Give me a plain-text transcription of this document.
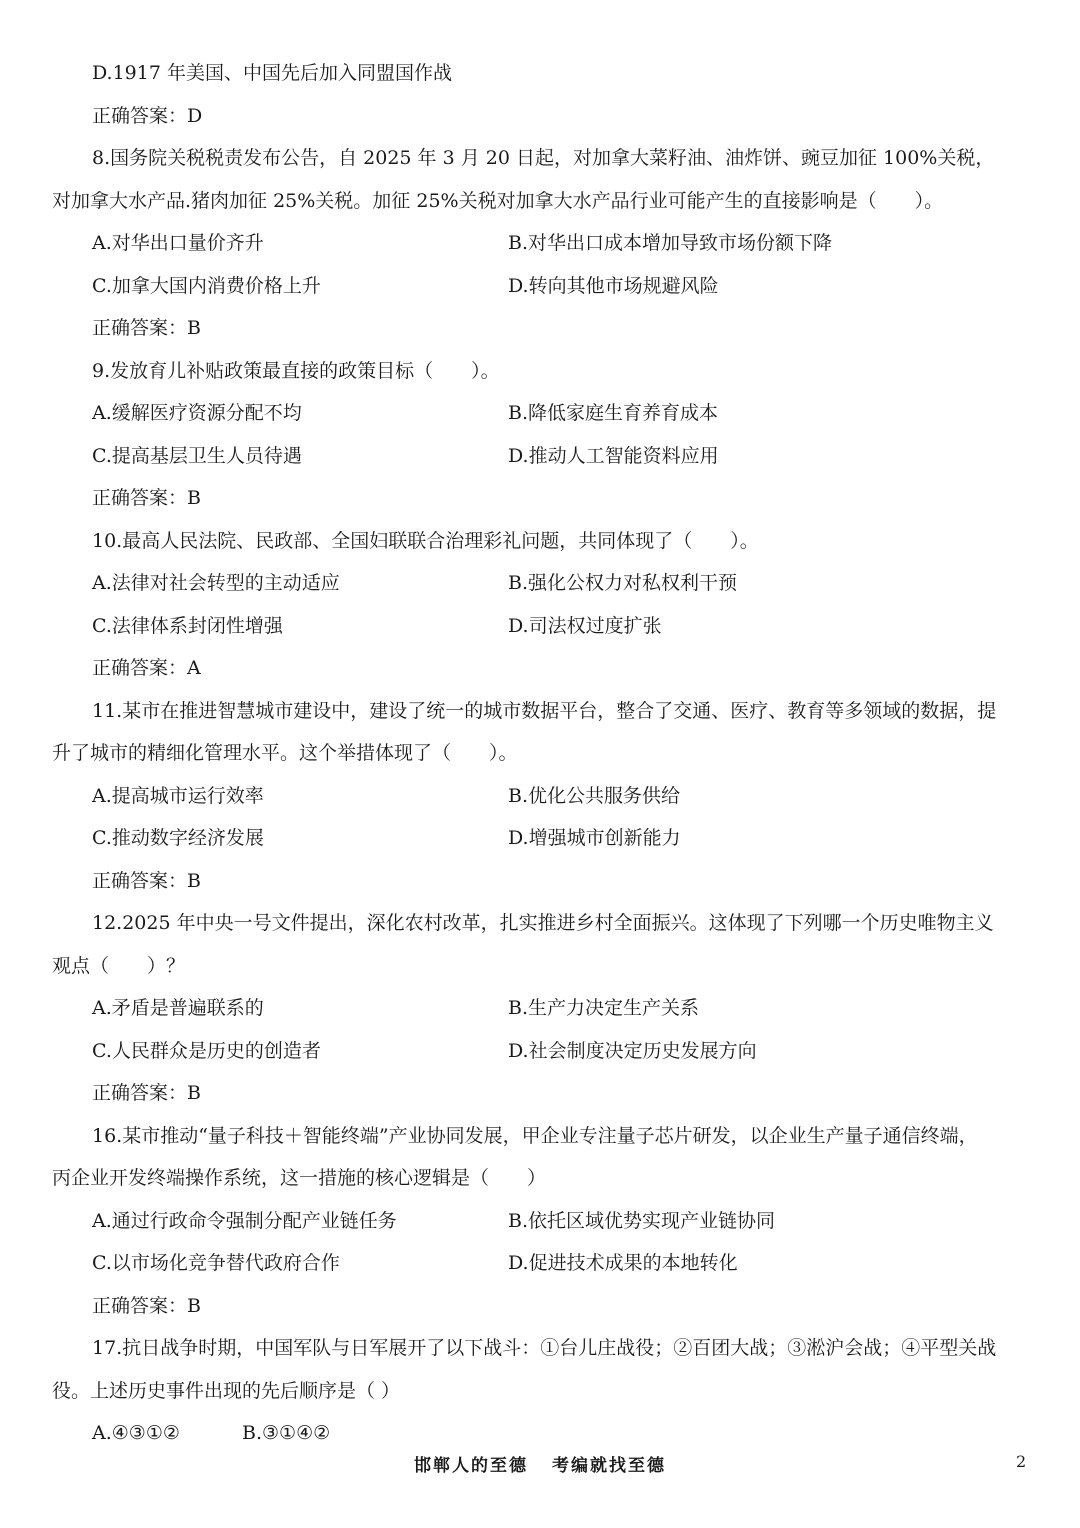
D.1917 年美国、中国先后加入同盟国作战
正确答案：D
8.国务院关税税责发布公告，自 2025 年 3 月 20 日起，对加拿大菜籽油、油炸饼、豌豆加征 100%关税，
对加拿大水产品.猪肉加征 25%关税。加征 25%关税对加拿大水产品行业可能产生的直接影响是（　　）。
A.对华出口量价齐升	B.对华出口成本增加导致市场份额下降
C.加拿大国内消费价格上升	D.转向其他市场规避风险
正确答案：B
9.发放育儿补贴政策最直接的政策目标（　　）。
A.缓解医疗资源分配不均	B.降低家庭生育养育成本
C.提高基层卫生人员待遇	D.推动人工智能资料应用
正确答案：B
10.最高人民法院、民政部、全国妇联联合治理彩礼问题，共同体现了（　　）。
A.法律对社会转型的主动适应	B.强化公权力对私权利干预
C.法律体系封闭性增强	D.司法权过度扩张
正确答案：A
11.某市在推进智慧城市建设中，建设了统一的城市数据平台，整合了交通、医疗、教育等多领域的数据，提
升了城市的精细化管理水平。这个举措体现了（　　）。
A.提高城市运行效率	B.优化公共服务供给
C.推动数字经济发展	D.增强城市创新能力
正确答案：B
12.2025 年中央一号文件提出，深化农村改革，扎实推进乡村全面振兴。这体现了下列哪一个历史唯物主义
观点（　　）？
A.矛盾是普遍联系的	B.生产力决定生产关系
C.人民群众是历史的创造者	D.社会制度决定历史发展方向
正确答案：B
16.某市推动“量子科技＋智能终端”产业协同发展，甲企业专注量子芯片研发，以企业生产量子通信终端，
丙企业开发终端操作系统，这一措施的核心逻辑是（　　）
A.通过行政命令强制分配产业链任务	B.依托区域优势实现产业链协同
C.以市场化竞争替代政府合作	D.促进技术成果的本地转化
正确答案：B
17.抗日战争时期，中国军队与日军展开了以下战斗：①台儿庄战役；②百团大战；③淞沪会战；④平型关战
役。上述历史事件出现的先后顺序是（ ）
A.④③①②	B.③①④②
邯郸人的至德 考编就找至德	2
